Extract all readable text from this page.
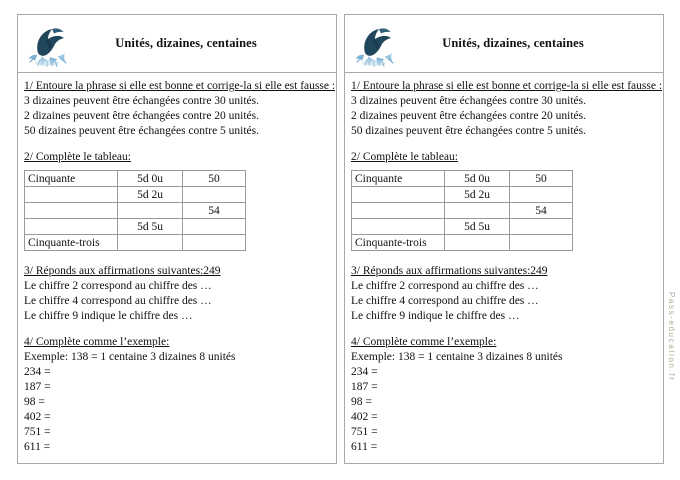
Unités, dizaines, centaines
1/ Entoure la phrase si elle est bonne et corrige-la si elle est fausse :
3 dizaines peuvent être échangées contre 30 unités.
2 dizaines peuvent être échangées contre 20 unités.
50 dizaines peuvent être échangées contre 5 unités.
2/ Complète le tableau:
Cinquante	5d 0u	50
	5d 2u	
		54
	5d 5u	
Cinquante-trois		
3/ Réponds aux affirmations suivantes:249
Le chiffre 2 correspond au chiffre des …
Le chiffre 4 correspond au chiffre des …
Le chiffre 9 indique le chiffre des …
4/ Complète comme l’exemple:
Exemple: 138 = 1 centaine 3 dizaines 8 unités
234 =
187 =
98 =
402 =
751 =
611 =
Unités, dizaines, centaines
1/ Entoure la phrase si elle est bonne et corrige-la si elle est fausse :
3 dizaines peuvent être échangées contre 30 unités.
2 dizaines peuvent être échangées contre 20 unités.
50 dizaines peuvent être échangées contre 5 unités.
2/ Complète le tableau:
Cinquante	5d 0u	50
	5d 2u	
		54
	5d 5u	
Cinquante-trois		
3/ Réponds aux affirmations suivantes:249
Le chiffre 2 correspond au chiffre des …
Le chiffre 4 correspond au chiffre des …
Le chiffre 9 indique le chiffre des …
4/ Complète comme l’exemple:
Exemple: 138 = 1 centaine 3 dizaines 8 unités
234 =
187 =
98 =
402 =
751 =
611 =
Pass-education.fr
